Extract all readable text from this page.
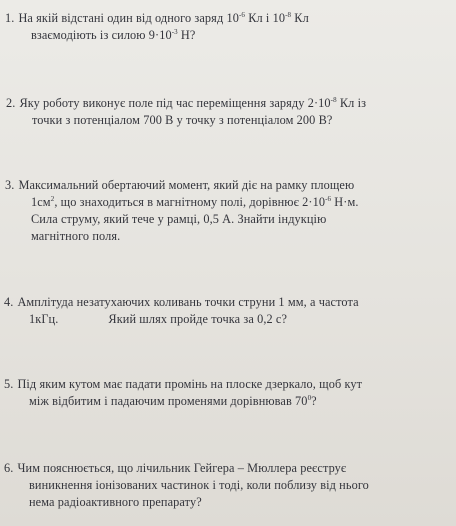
1. На якій відстані один від одного заряд $10^{-6}$ Кл і $10^{-8}$ Кл
взаємодіють із силою $9\cdot 10^{-3}$ Н?
2. Яку роботу виконує поле під час переміщення заряду $2\cdot 10^{-8}$ Кл із
точки з потенціалом 700 В у точку з потенціалом 200 В?
3. Максимальний обертаючий момент, який діє на рамку площею
$1см^2$, що знаходиться в магнітному полі, дорівнює $2\cdot 10^{-6}$ Н·м.
Сила струму, який тече у рамці, 0,5 А. Знайти індукцію
магнітного поля.
4. Амплітуда незатухаючих коливань точки струни 1 мм, а частота
1кГц.	Який шлях пройде точка за 0,2 с?
5. Під яким кутом має падати промінь на плоске дзеркало, щоб кут
між відбитим і падаючим променями дорівнював $70^0$?
6. Чим пояснюється, що лічильник Гейгера – Мюллера реєструє
виникнення іонізованих частинок і тоді, коли поблизу від нього
нема радіоактивного препарату?
